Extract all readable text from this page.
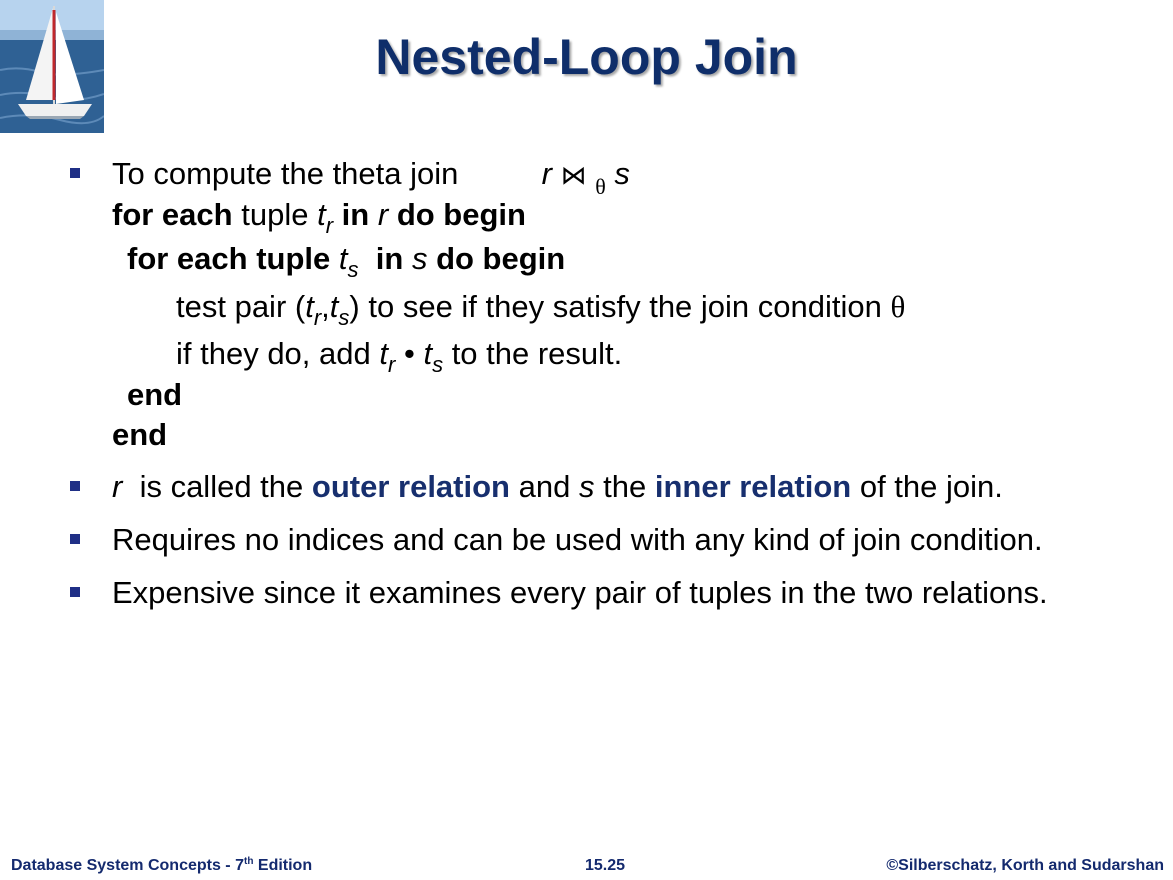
Nested-Loop Join
To compute the theta join	r ⋈ $_\theta$ s
for each tuple $t_r$ in r do begin
for each tuple $t_s$ in s do begin
test pair $(t_r,t_s)$ to see if they satisfy the join condition θ
if they do, add $t_r$ • $t_s$ to the result.
end
end
r is called the outer relation and s the inner relation of the join.
Requires no indices and can be used with any kind of join condition.
Expensive since it examines every pair of tuples in the two relations.
Database System Concepts - 7th Edition	15.25	©Silberschatz, Korth and Sudarshan
